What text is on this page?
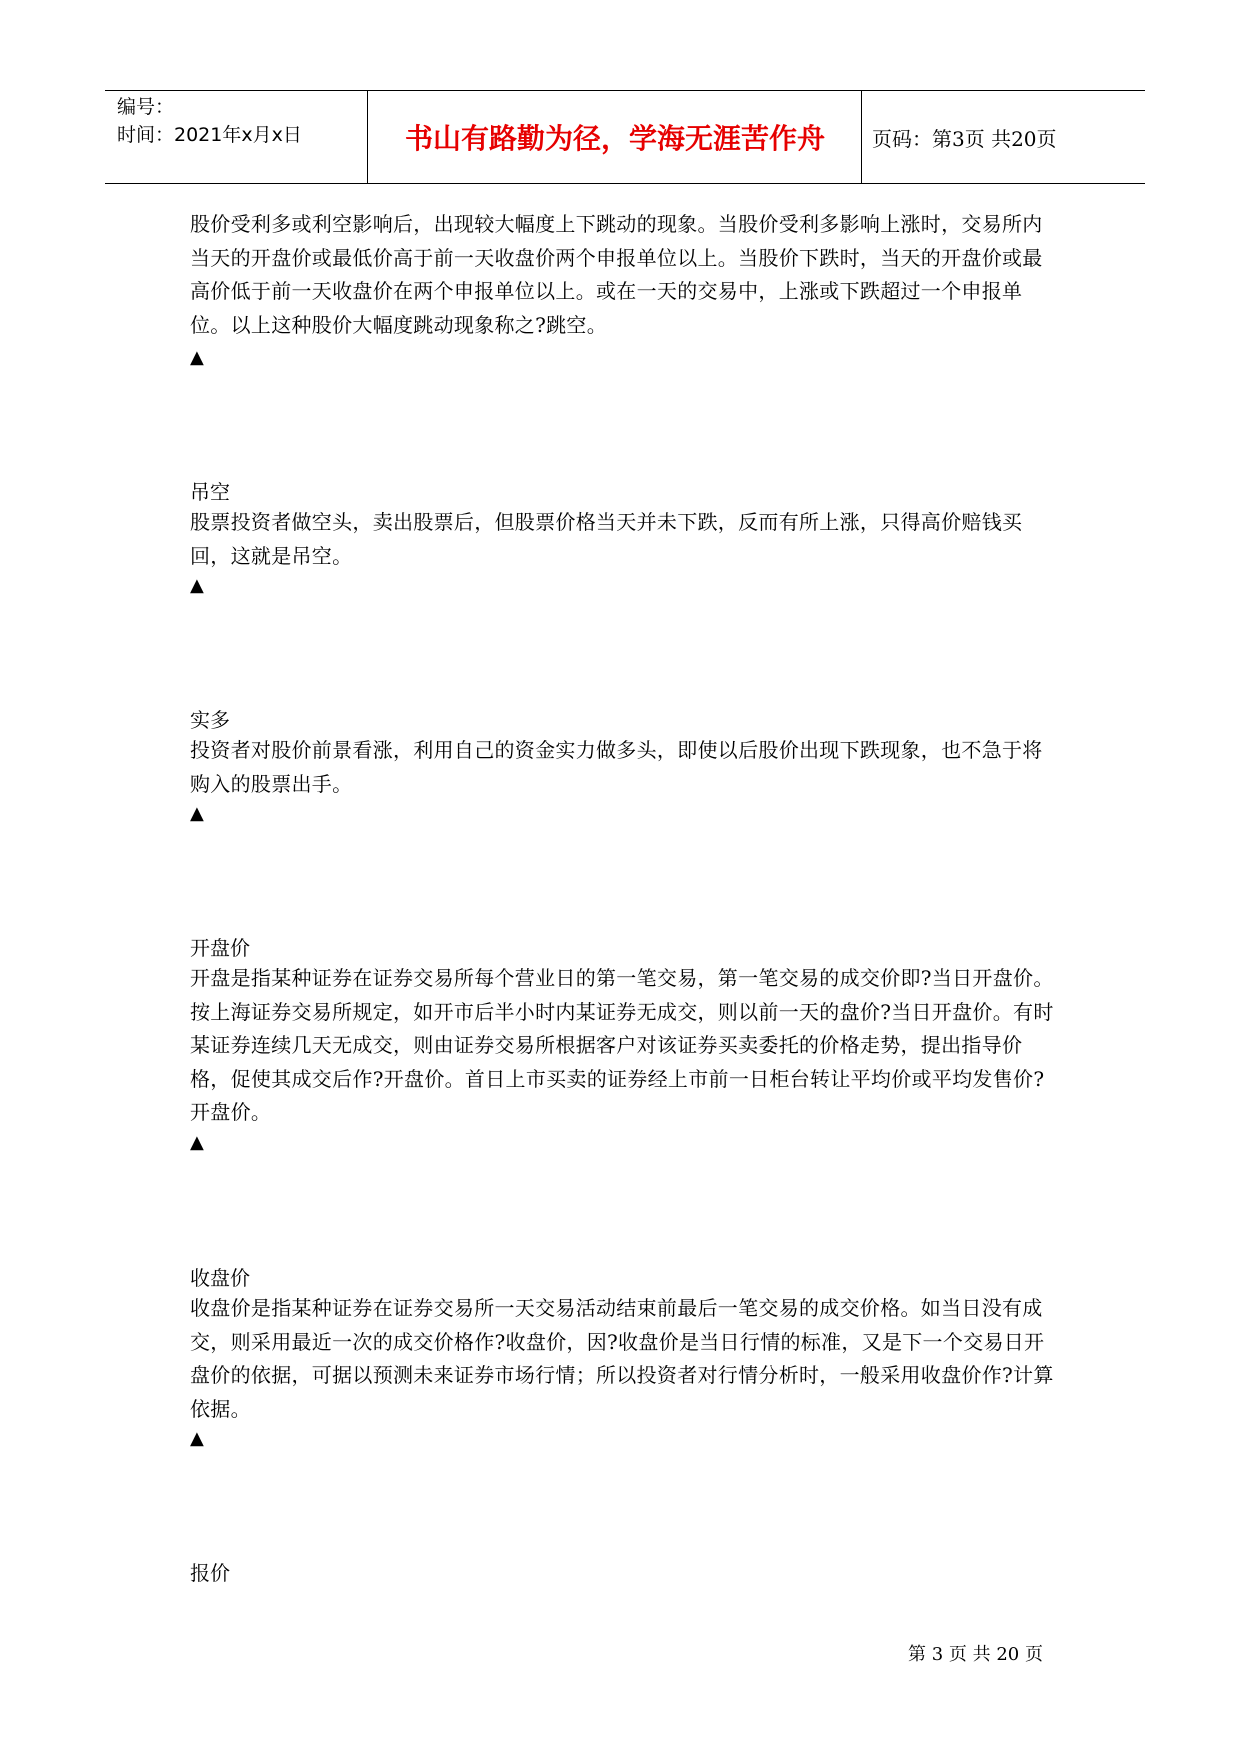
编号：
时间：2021年x月x日	书山有路勤为径，学海无涯苦作舟	页码：第3页 共20页
股价受利多或利空影响后，出现较大幅度上下跳动的现象。当股价受利多影响上涨时，交易所内当天的开盘价或最低价高于前一天收盘价两个申报单位以上。当股价下跌时，当天的开盘价或最高价低于前一天收盘价在两个申报单位以上。或在一天的交易中，上涨或下跌超过一个申报单位。以上这种股价大幅度跳动现象称之?跳空。
▲
吊空
股票投资者做空头，卖出股票后，但股票价格当天并未下跌，反而有所上涨，只得高价赔钱买回，这就是吊空。
▲
实多
投资者对股价前景看涨，利用自己的资金实力做多头，即使以后股价出现下跌现象，也不急于将购入的股票出手。
▲
开盘价
开盘是指某种证券在证券交易所每个营业日的第一笔交易，第一笔交易的成交价即?当日开盘价。按上海证券交易所规定，如开市后半小时内某证券无成交，则以前一天的盘价?当日开盘价。有时某证券连续几天无成交，则由证券交易所根据客户对该证券买卖委托的价格走势，提出指导价格，促使其成交后作?开盘价。首日上市买卖的证券经上市前一日柜台转让平均价或平均发售价?开盘价。
▲
收盘价
收盘价是指某种证券在证券交易所一天交易活动结束前最后一笔交易的成交价格。如当日没有成交，则采用最近一次的成交价格作?收盘价，因?收盘价是当日行情的标准，又是下一个交易日开盘价的依据，可据以预测未来证券市场行情；所以投资者对行情分析时，一般采用收盘价作?计算依据。
▲
报价
第 3 页 共 20 页
